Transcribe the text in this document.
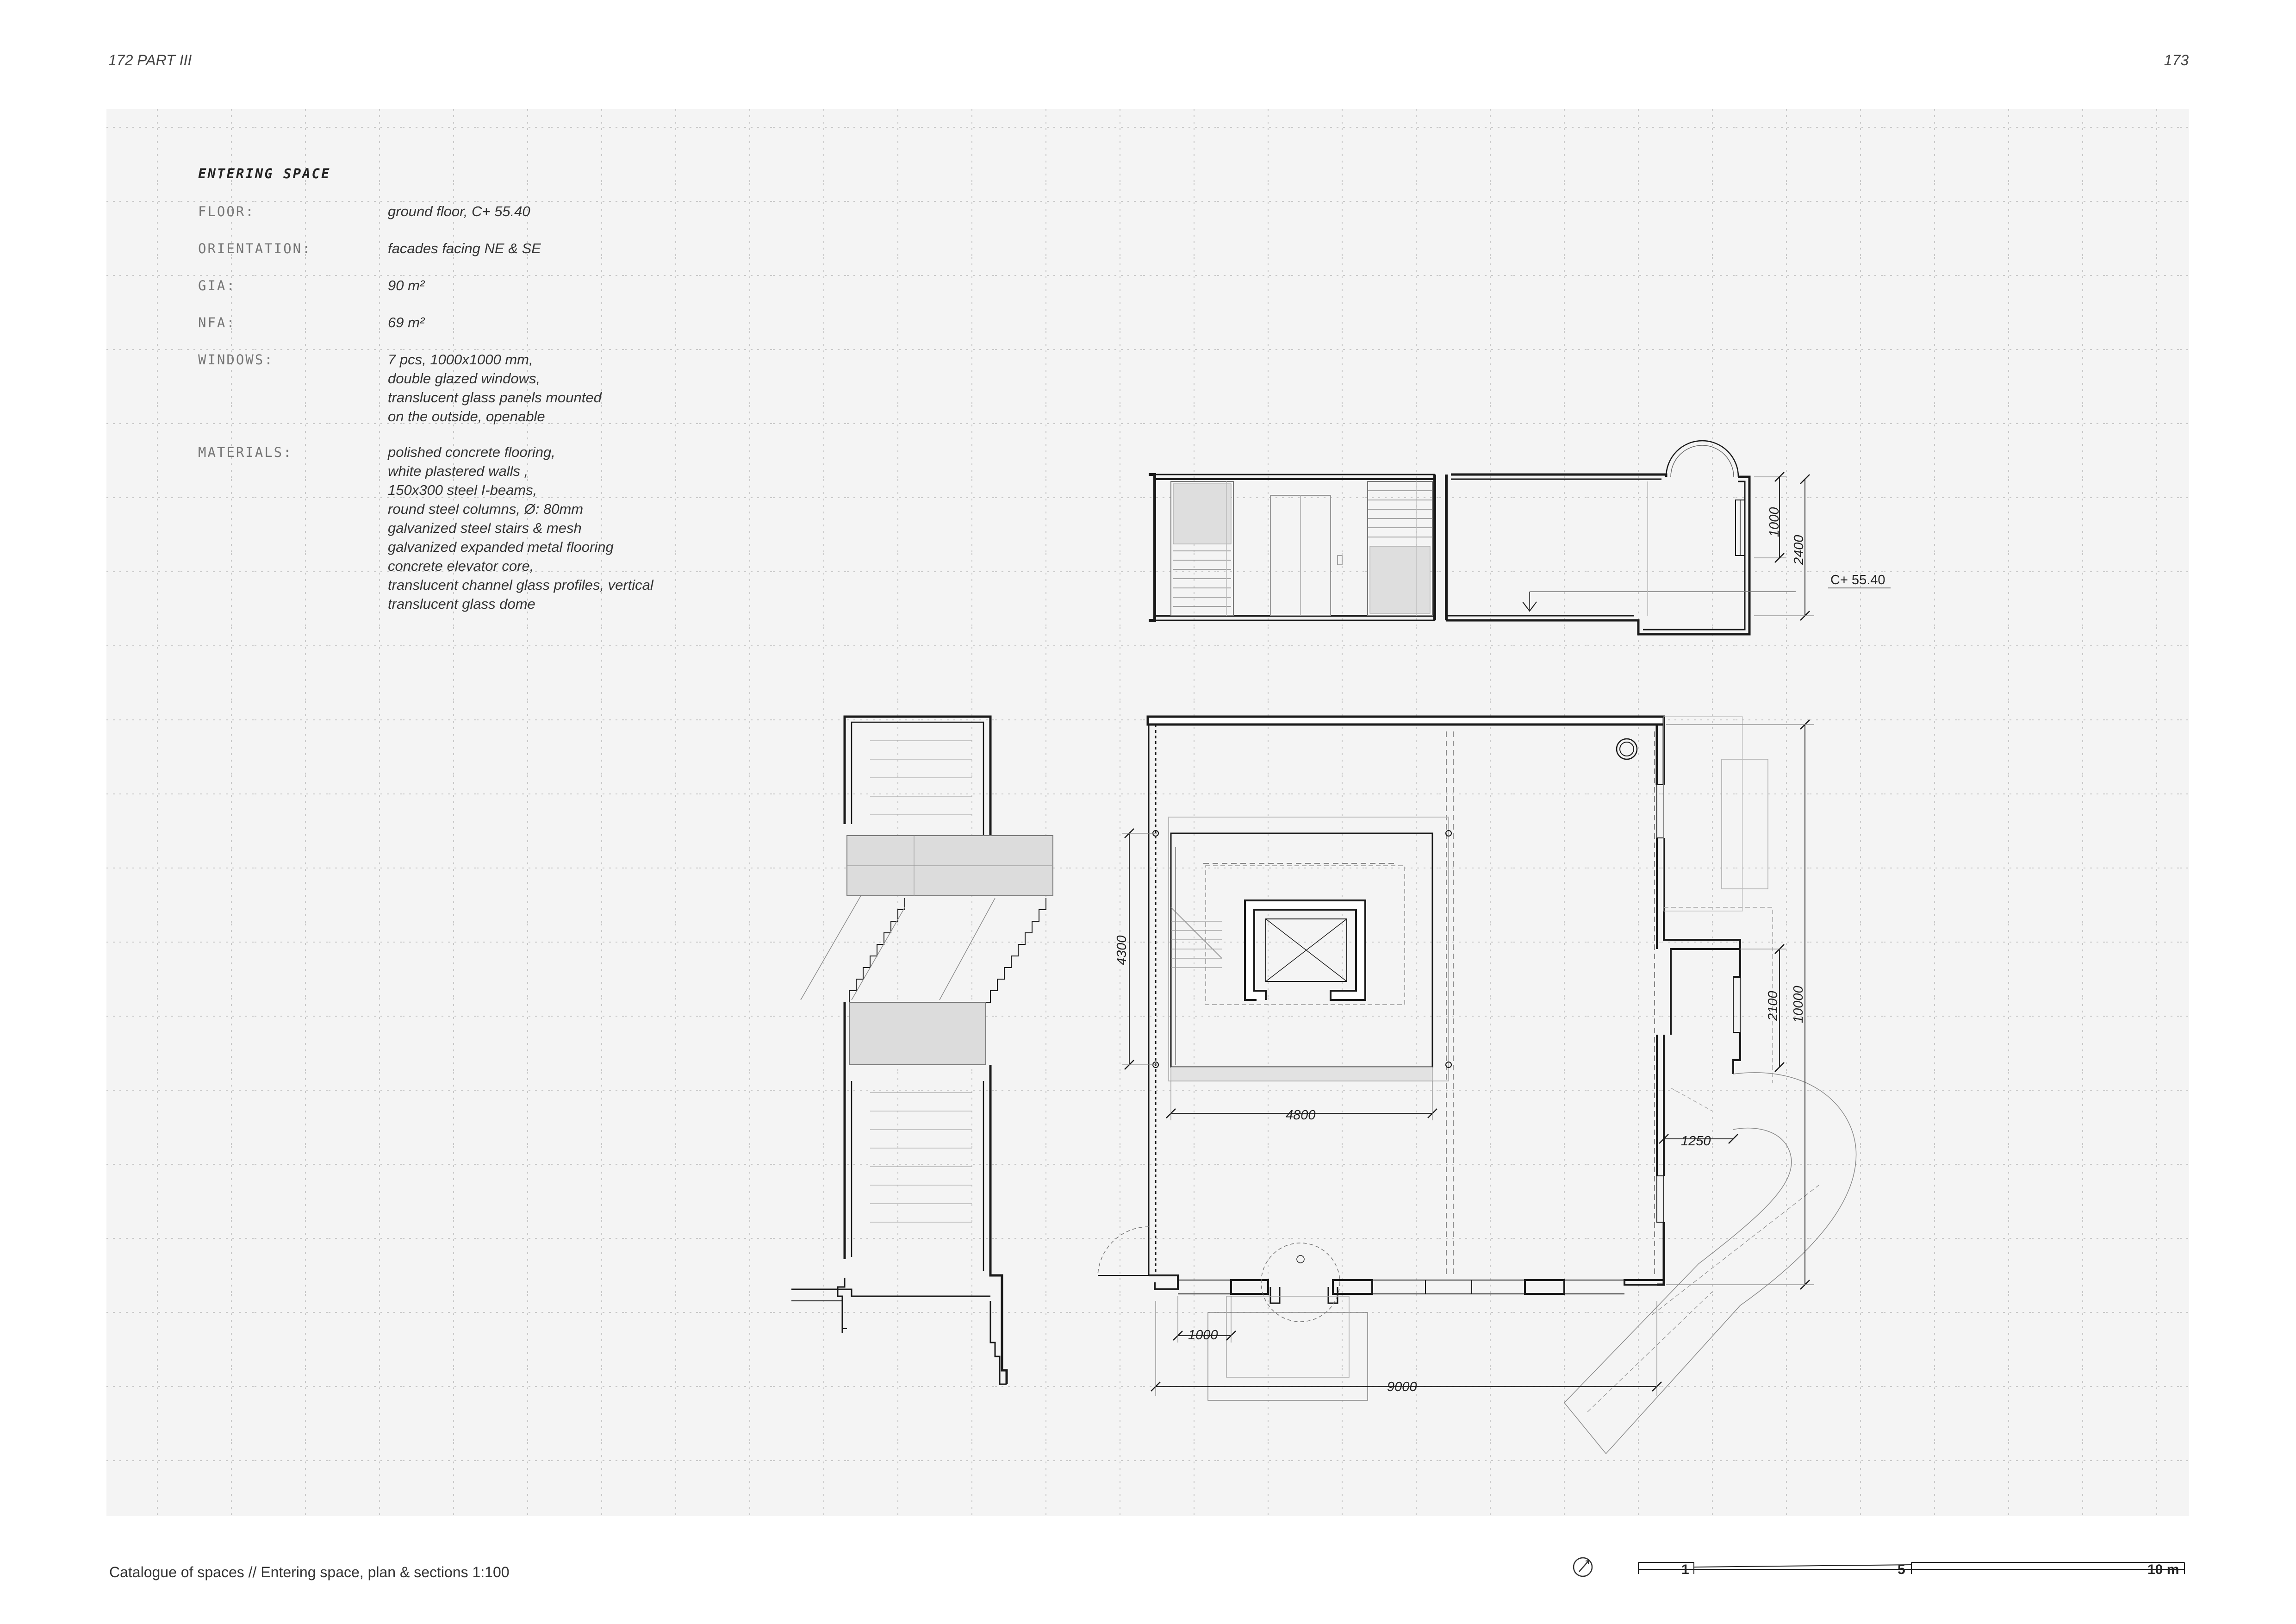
172 PART III	173
ENTERING SPACE
FLOOR:	ground floor, C+ 55.40
ORIENTATION:	facades facing NE & SE
GIA:	90 m²
NFA:	69 m²
WINDOWS:	7 pcs, 1000x1000 mm,
double glazed windows,
translucent glass panels mounted
on the outside, openable
MATERIALS:	polished concrete flooring,
white plastered walls ,
150x300 steel I-beams,
round steel columns, Ø: 80mm
galvanized steel stairs & mesh
galvanized expanded metal flooring
concrete elevator core,
translucent channel glass profiles, vertical
translucent glass dome
1000
2400
C+ 55.40
4300
2100 10000
4800
1250
1000
9000
Catalogue of spaces // Entering space, plan & sections 1:100	1	5	10 m
